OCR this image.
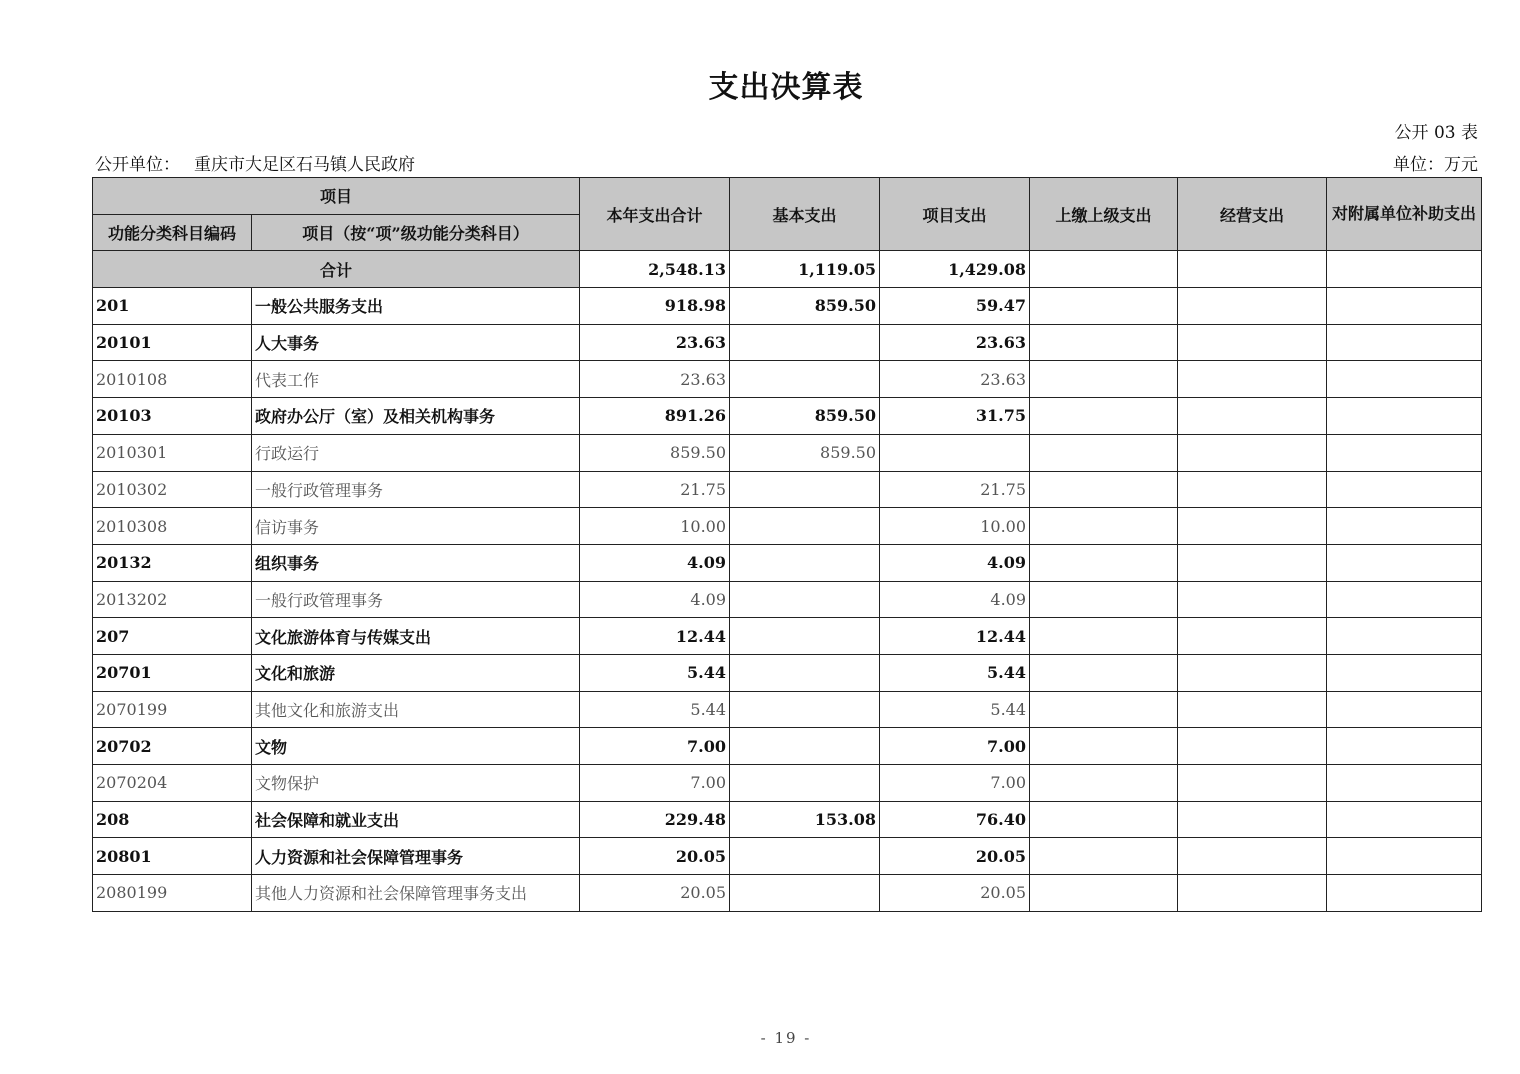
支出决算表
公开 03 表
公开单位： 重庆市大足区石马镇人民政府	单位：万元
项目		本年支出合计	基本支出	项目支出	上缴上级支出	经营支出	对附属单位补助支出
功能分类科目编码	项目（按“项”级功能分类科目）						
合计		2,548.13	1,119.05	1,429.08			
201	一般公共服务支出	918.98	859.50	59.47			
20101	人大事务	23.63		23.63			
2010108	代表工作	23.63		23.63			
20103	政府办公厅（室）及相关机构事务	891.26	859.50	31.75			
2010301	行政运行	859.50	859.50				
2010302	一般行政管理事务	21.75		21.75			
2010308	信访事务	10.00		10.00			
20132	组织事务	4.09		4.09			
2013202	一般行政管理事务	4.09		4.09			
207	文化旅游体育与传媒支出	12.44		12.44			
20701	文化和旅游	5.44		5.44			
2070199	其他文化和旅游支出	5.44		5.44			
20702	文物	7.00		7.00			
2070204	文物保护	7.00		7.00			
208	社会保障和就业支出	229.48	153.08	76.40			
20801	人力资源和社会保障管理事务	20.05		20.05			
2080199	其他人力资源和社会保障管理事务支出	20.05		20.05			
- 19 -
